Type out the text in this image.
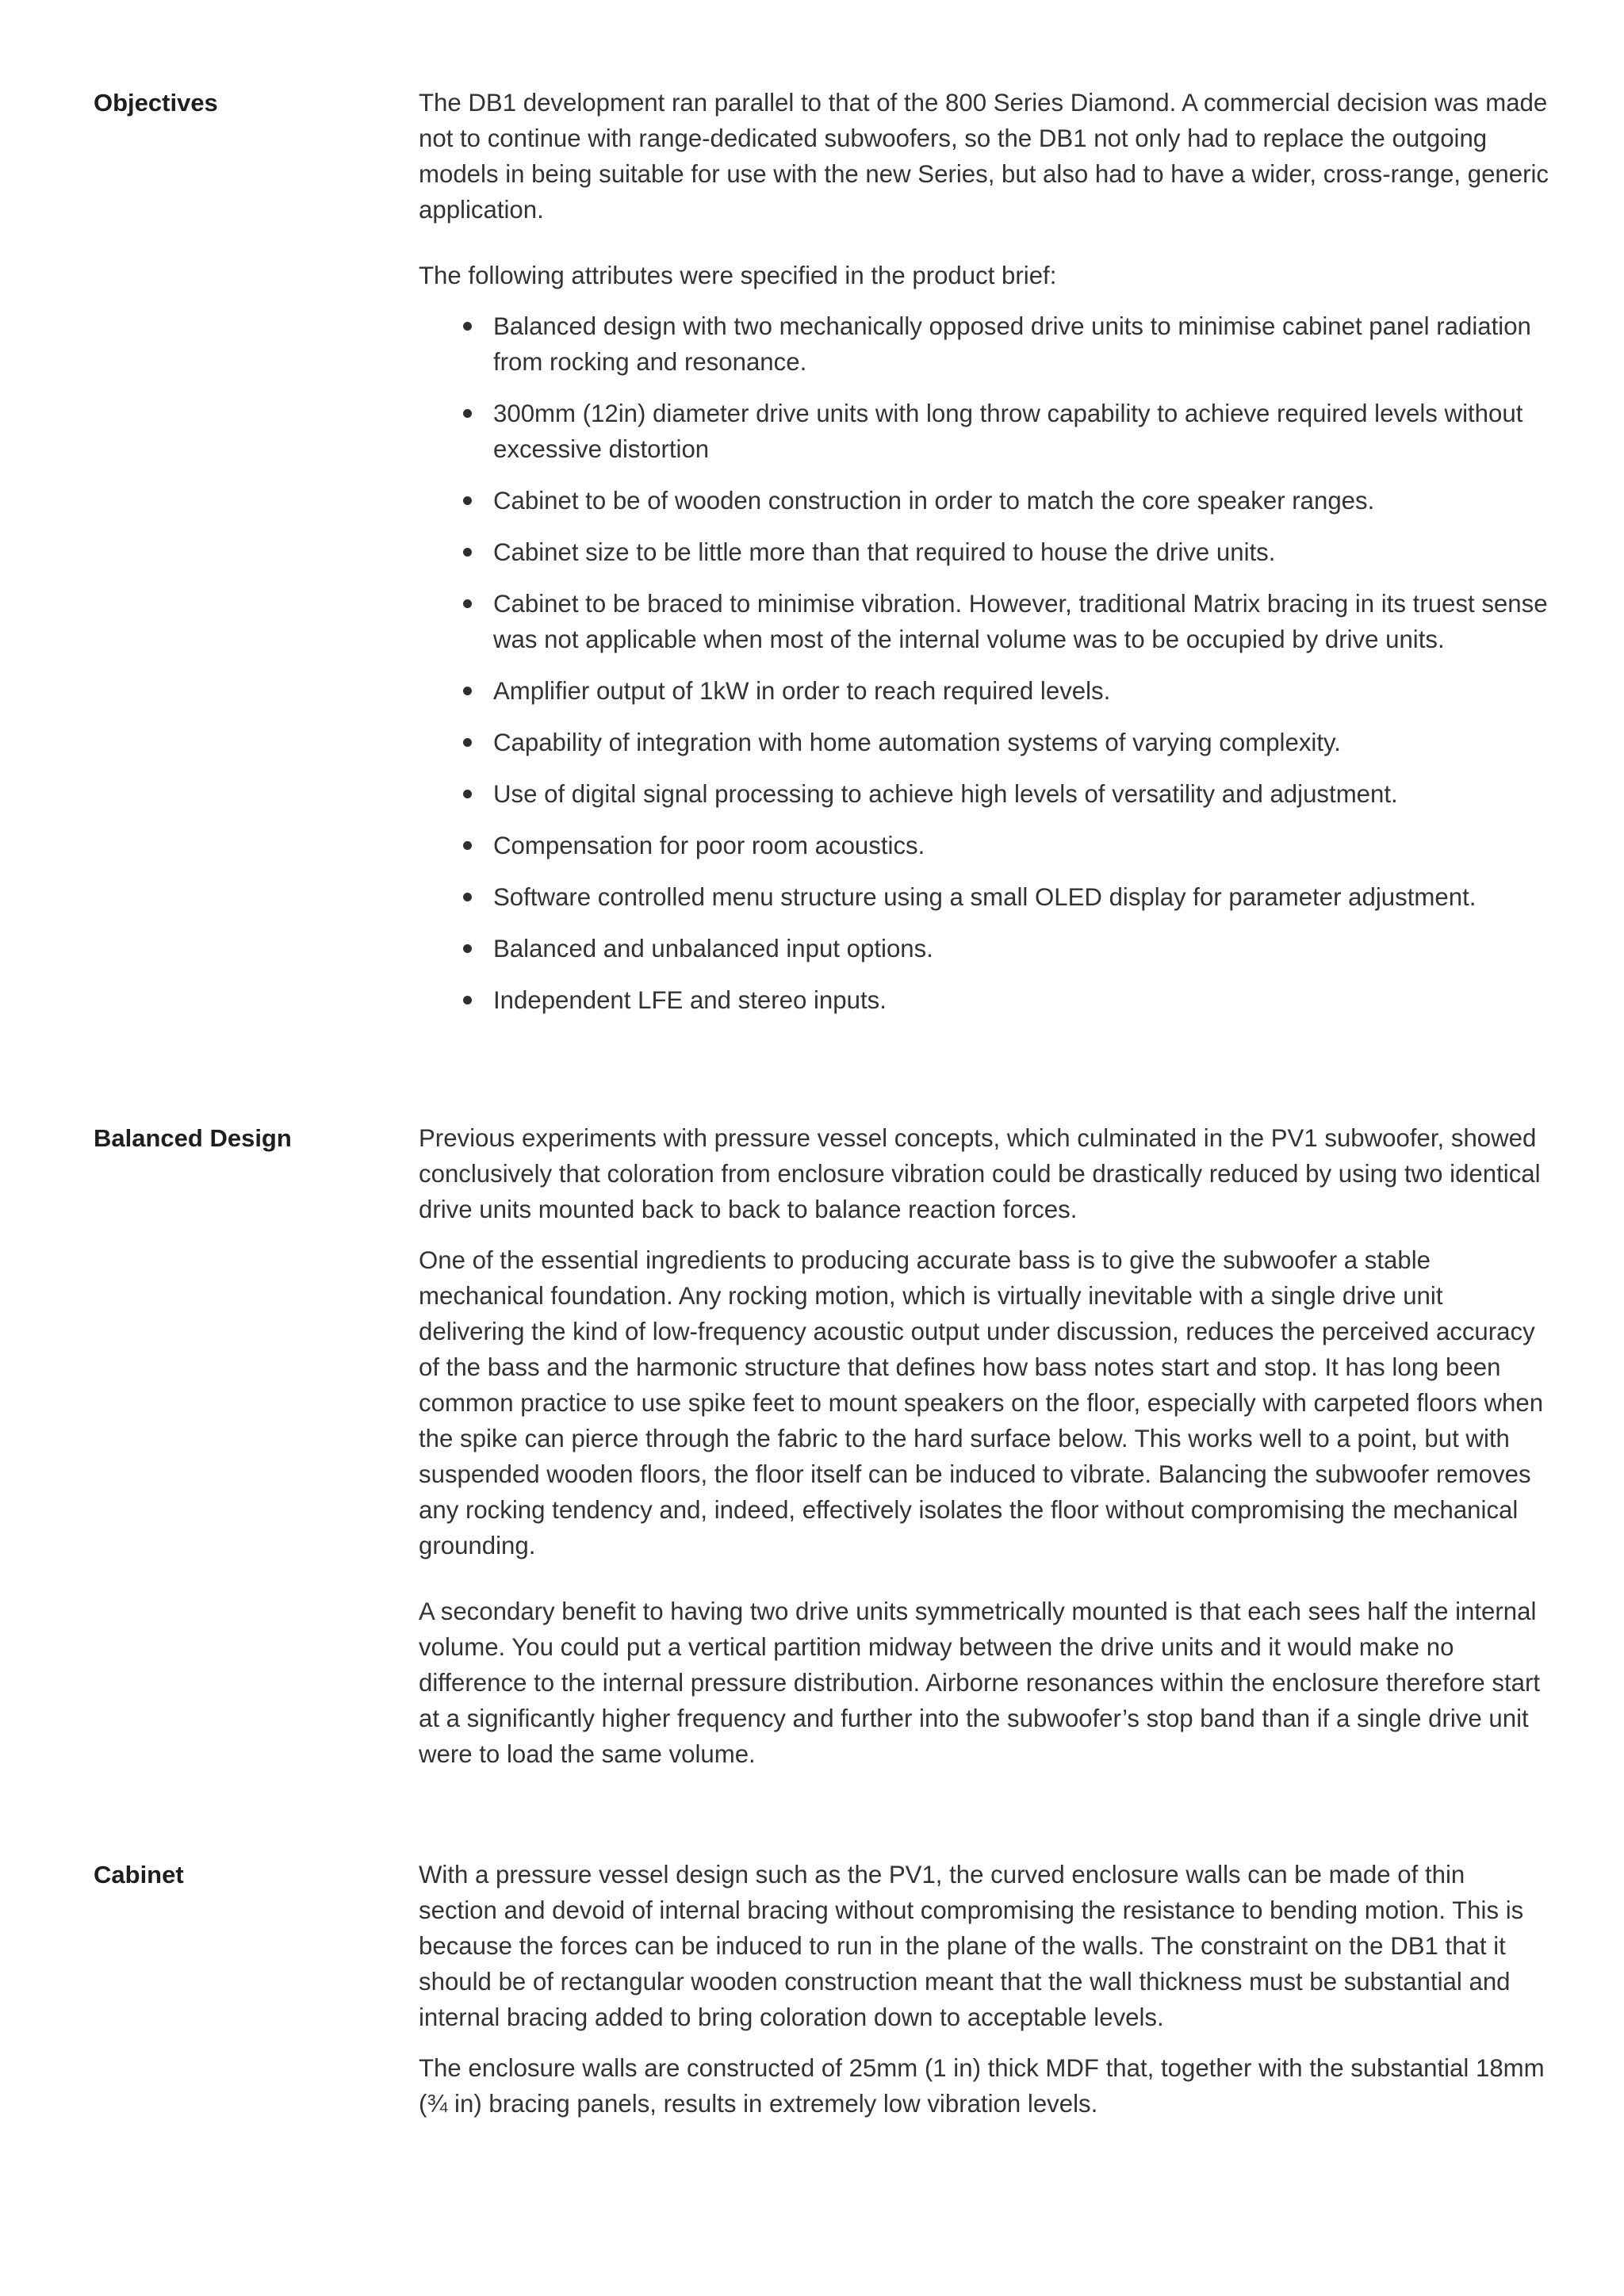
Objectives	The DB1 development ran parallel to that of the 800 Series Diamond. A commercial decision was made not to continue with range-dedicated subwoofers, so the DB1 not only had to replace the outgoing models in being suitable for use with the new Series, but also had to have a wider, cross-range, generic application.

The following attributes were specified in the product brief:

Balanced design with two mechanically opposed drive units to minimise cabinet panel radiation from rocking and resonance.
300mm (12in) diameter drive units with long throw capability to achieve required levels without excessive distortion
Cabinet to be of wooden construction in order to match the core speaker ranges.
Cabinet size to be little more than that required to house the drive units.
Cabinet to be braced to minimise vibration. However, traditional Matrix bracing in its truest sense was not applicable when most of the internal volume was to be occupied by drive units.
Amplifier output of 1kW in order to reach required levels.
Capability of integration with home automation systems of varying complexity.
Use of digital signal processing to achieve high levels of versatility and adjustment.
Compensation for poor room acoustics.
Software controlled menu structure using a small OLED display for parameter adjustment.
Balanced and unbalanced input options.
Independent LFE and stereo inputs.
Balanced Design	Previous experiments with pressure vessel concepts, which culminated in the PV1 subwoofer, showed conclusively that coloration from enclosure vibration could be drastically reduced by using two identical drive units mounted back to back to balance reaction forces.

One of the essential ingredients to producing accurate bass is to give the subwoofer a stable mechanical foundation. Any rocking motion, which is virtually inevitable with a single drive unit delivering the kind of low-frequency acoustic output under discussion, reduces the perceived accuracy of the bass and the harmonic structure that defines how bass notes start and stop. It has long been common practice to use spike feet to mount speakers on the floor, especially with carpeted floors when the spike can pierce through the fabric to the hard surface below. This works well to a point, but with suspended wooden floors, the floor itself can be induced to vibrate. Balancing the subwoofer removes any rocking tendency and, indeed, effectively isolates the floor without compromising the mechanical grounding.

A secondary benefit to having two drive units symmetrically mounted is that each sees half the internal volume. You could put a vertical partition midway between the drive units and it would make no difference to the internal pressure distribution. Airborne resonances within the enclosure therefore start at a significantly higher frequency and further into the subwoofer’s stop band than if a single drive unit were to load the same volume.

Cabinet	With a pressure vessel design such as the PV1, the curved enclosure walls can be made of thin section and devoid of internal bracing without compromising the resistance to bending motion. This is because the forces can be induced to run in the plane of the walls. The constraint on the DB1 that it should be of rectangular wooden construction meant that the wall thickness must be substantial and internal bracing added to bring coloration down to acceptable levels.

The enclosure walls are constructed of 25mm (1 in) thick MDF that, together with the substantial 18mm (¾ in) bracing panels, results in extremely low vibration levels.
